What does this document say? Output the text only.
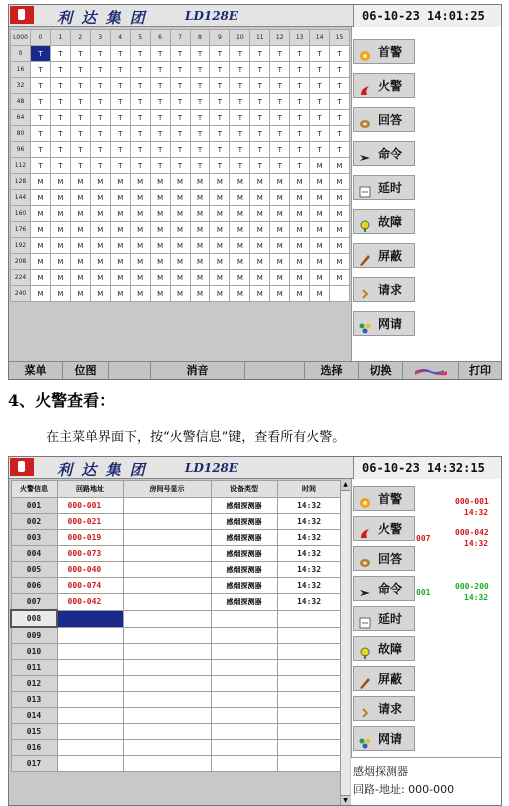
利 达 集 团	LD128E	06-10-23 14:01:25
L000	0	1	2	3	4	5	6	7	8	9	10	11	12	13	14	15
0	T	T	T	T	T	T	T	T	T	T	T	T	T	T	T	T
16	T	T	T	T	T	T	T	T	T	T	T	T	T	T	T	T
32	T	T	T	T	T	T	T	T	T	T	T	T	T	T	T	T
48	T	T	T	T	T	T	T	T	T	T	T	T	T	T	T	T
64	T	T	T	T	T	T	T	T	T	T	T	T	T	T	T	T
80	T	T	T	T	T	T	T	T	T	T	T	T	T	T	T	T
96	T	T	T	T	T	T	T	T	T	T	T	T	T	T	T	T
112	T	T	T	T	T	T	T	T	T	T	T	T	T	T	M	M
128	M	M	M	M	M	M	M	M	M	M	M	M	M	M	M	M
144	M	M	M	M	M	M	M	M	M	M	M	M	M	M	M	M
160	M	M	M	M	M	M	M	M	M	M	M	M	M	M	M	M
176	M	M	M	M	M	M	M	M	M	M	M	M	M	M	M	M
192	M	M	M	M	M	M	M	M	M	M	M	M	M	M	M	M
208	M	M	M	M	M	M	M	M	M	M	M	M	M	M	M	M
224	M	M	M	M	M	M	M	M	M	M	M	M	M	M	M	M
240	M	M	M	M	M	M	M	M	M	M	M	M	M	M	M	
首警
火警
回答
命令
延时
故障
屏蔽
请求
网请
菜单	位图	消音	选择	切换	打印
4、火警查看：
在主菜单界面下，按“火警信息”键，查看所有火警。
利 达 集 团	LD128E	06-10-23 14:32:15
火警信息	回路地址	房间号显示	设备类型	时间
001	000-001		感烟探测器	14:32
002	000-021		感烟探测器	14:32
003	000-019		感烟探测器	14:32
004	000-073		感烟探测器	14:32
005	000-040		感烟探测器	14:32
006	000-074		感烟探测器	14:32
007	000-042		感烟探测器	14:32
008				
009				
010				
011				
012				
013				
014				
015				
016				
017				
▲
▼
首警
火警
回答
命令
延时
故障
屏蔽
请求
网请
000-001
14:32
007
000-042
14:32
001
000-200
14:32
感烟探测器
回路-地址: 000-000
